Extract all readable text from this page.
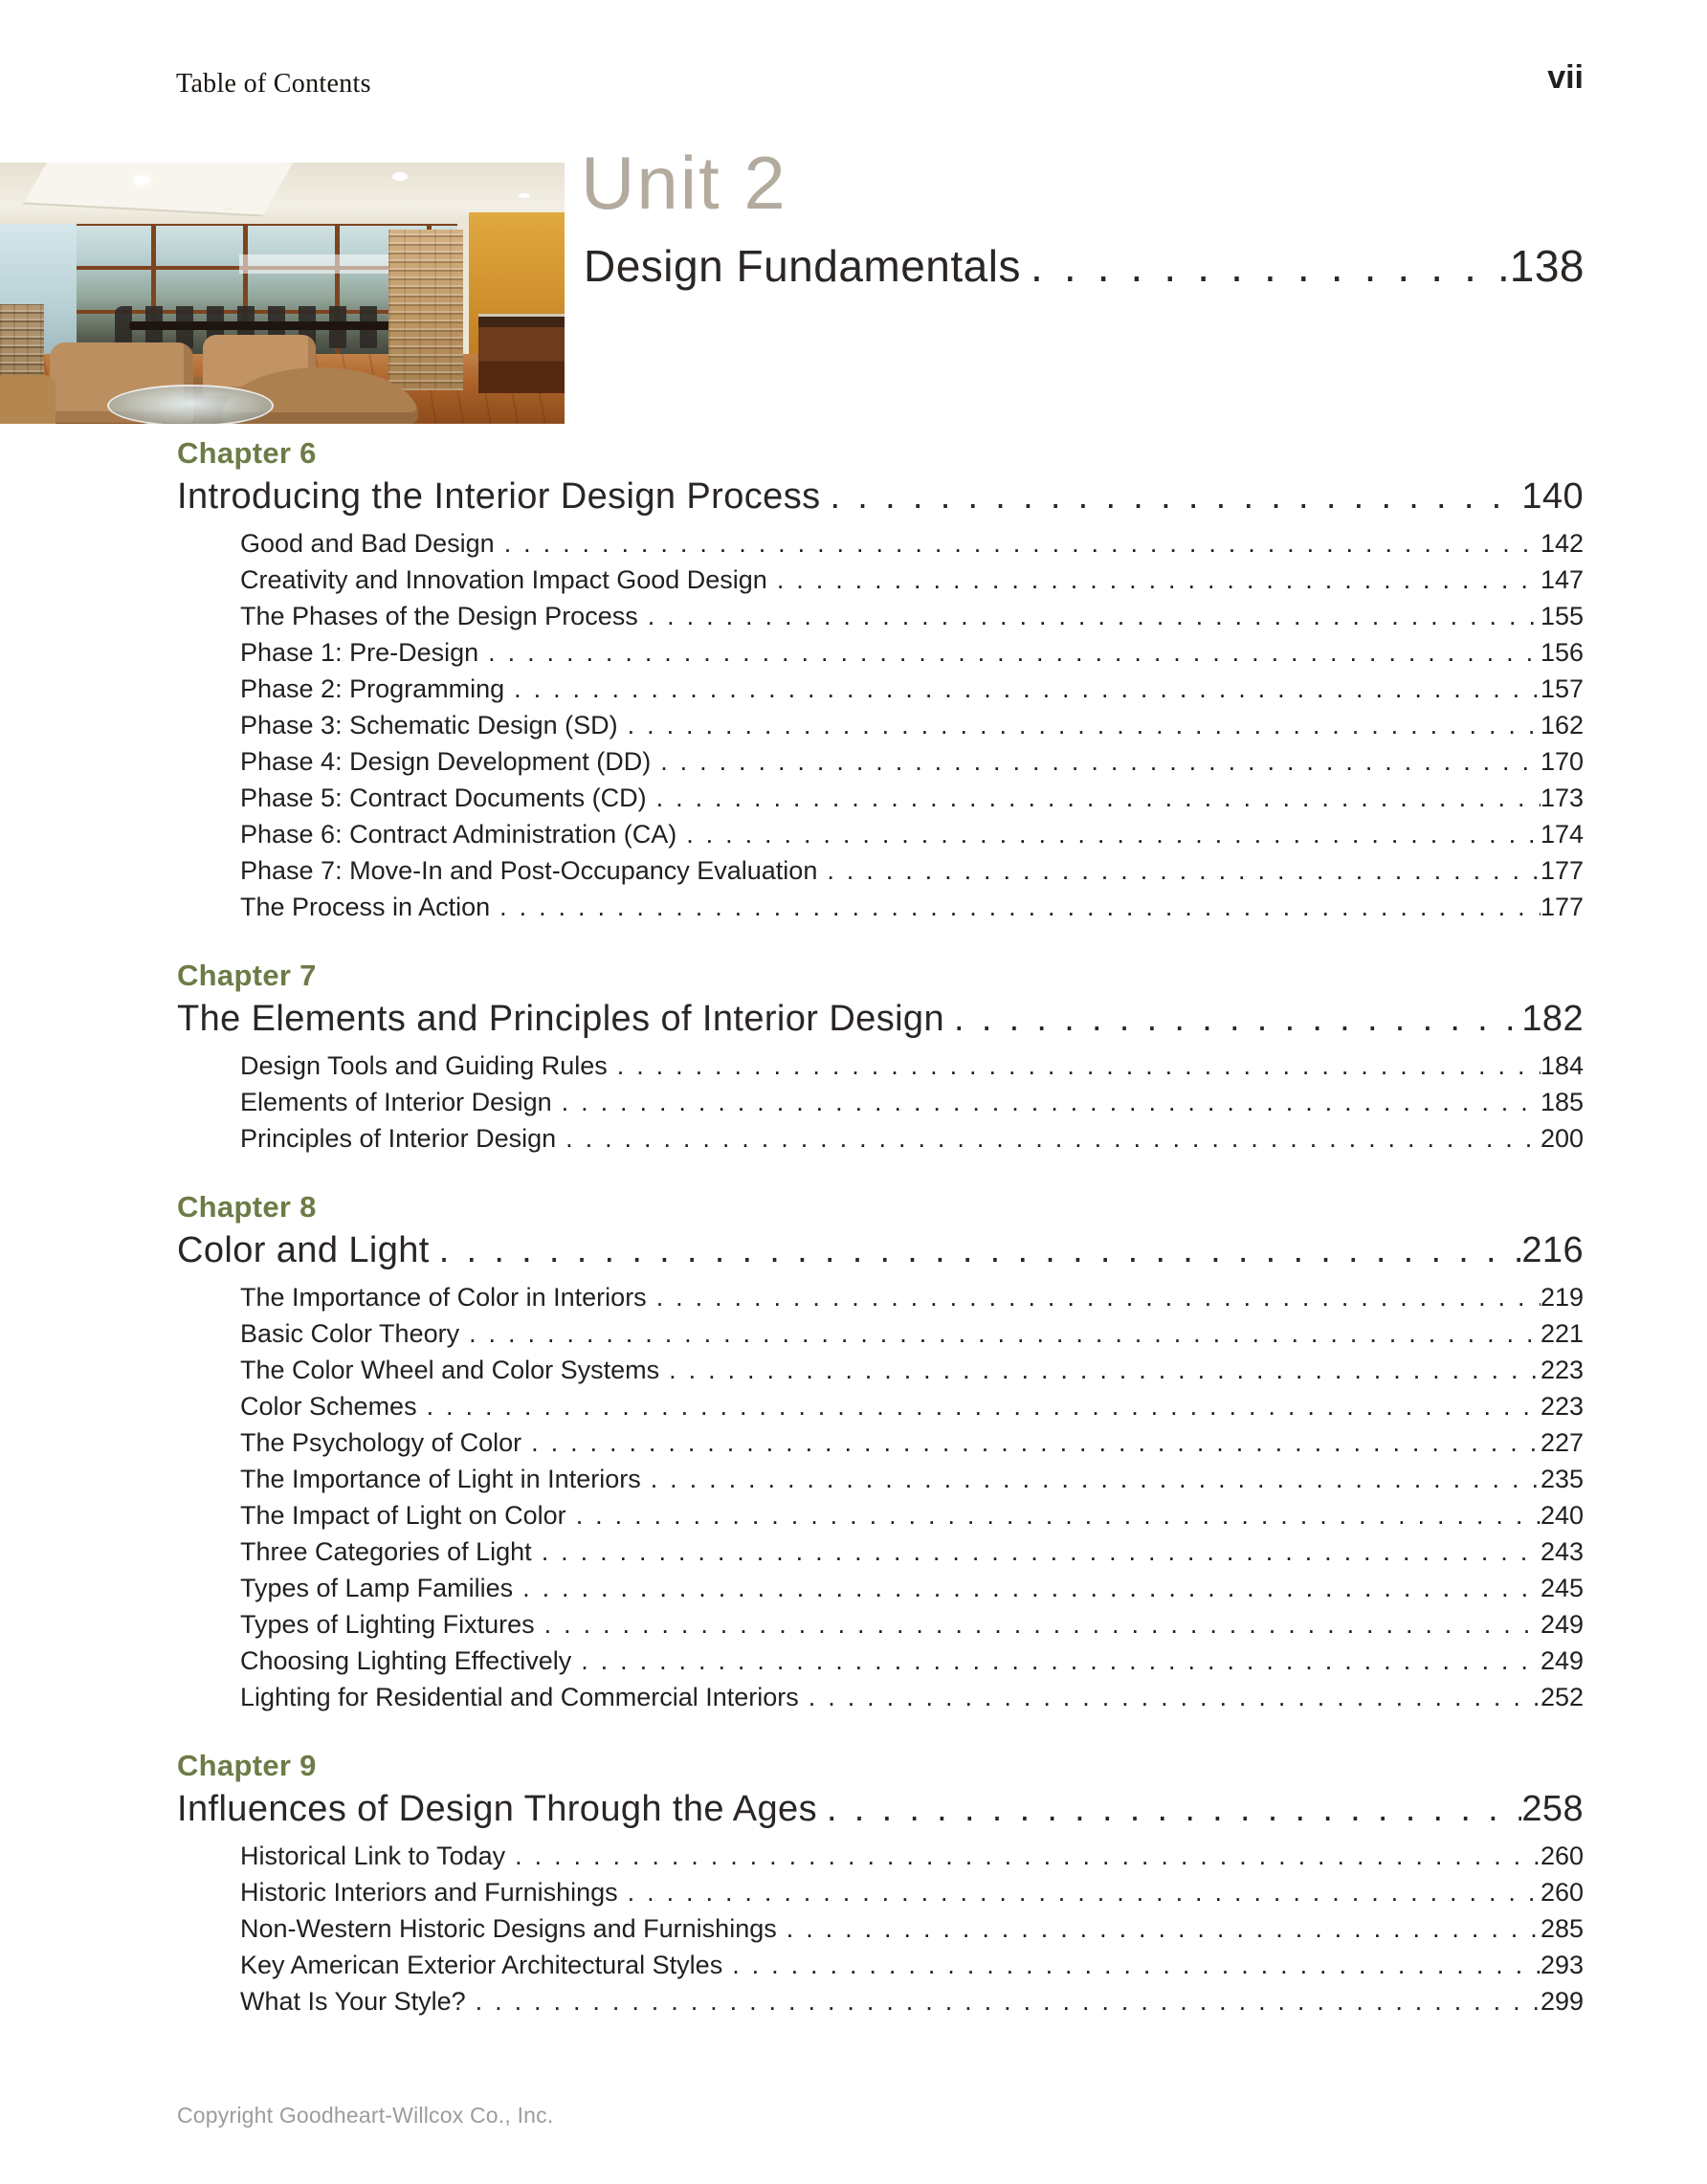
Table of Contents	vii
Unit 2
Design Fundamentals .....	138
Chapter 6
Introducing the Interior Design Process .....	140
Good and Bad Design .....	142
Creativity and Innovation Impact Good Design .....	147
The Phases of the Design Process .....	155
Phase 1: Pre-Design .....	156
Phase 2: Programming .....	157
Phase 3: Schematic Design (SD) .....	162
Phase 4: Design Development (DD) .....	170
Phase 5: Contract Documents (CD) .....	173
Phase 6: Contract Administration (CA) .....	174
Phase 7: Move-In and Post-Occupancy Evaluation .....	177
The Process in Action .....	177
Chapter 7
The Elements and Principles of Interior Design .....	182
Design Tools and Guiding Rules .....	184
Elements of Interior Design .....	185
Principles of Interior Design .....	200
Chapter 8
Color and Light .....	216
The Importance of Color in Interiors .....	219
Basic Color Theory .....	221
The Color Wheel and Color Systems .....	223
Color Schemes .....	223
The Psychology of Color .....	227
The Importance of Light in Interiors .....	235
The Impact of Light on Color .....	240
Three Categories of Light .....	243
Types of Lamp Families .....	245
Types of Lighting Fixtures .....	249
Choosing Lighting Effectively .....	249
Lighting for Residential and Commercial Interiors .....	252
Chapter 9
Influences of Design Through the Ages .....	258
Historical Link to Today .....	260
Historic Interiors and Furnishings .....	260
Non-Western Historic Designs and Furnishings .....	285
Key American Exterior Architectural Styles .....	293
What Is Your Style? .....	299
Copyright Goodheart-Willcox Co., Inc.
